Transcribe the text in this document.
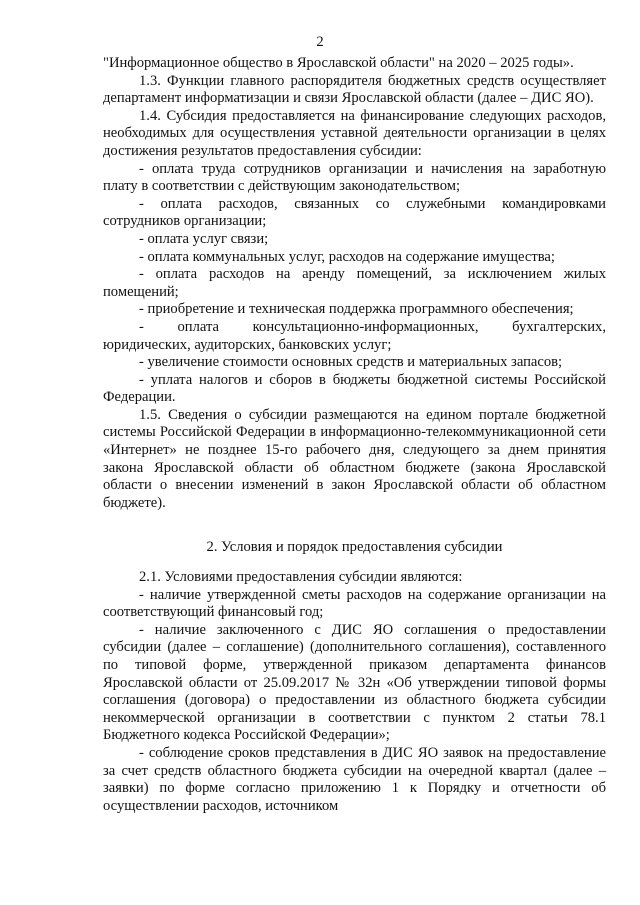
2

"Информационное общество в Ярославской области" на 2020 – 2025 годы».

1.3. Функции главного распорядителя бюджетных средств осуществляет департамент информатизации и связи Ярославской области (далее – ДИС ЯО).

1.4. Субсидия предоставляется на финансирование следующих расходов, необходимых для осуществления уставной деятельности организации в целях достижения результатов предоставления субсидии:

- оплата труда сотрудников организации и начисления на заработную плату в соответствии с действующим законодательством;

- оплата расходов, связанных со служебными командировками сотрудников организации;

- оплата услуг связи;

- оплата коммунальных услуг, расходов на содержание имущества;

- оплата расходов на аренду помещений, за исключением жилых помещений;

- приобретение и техническая поддержка программного обеспечения;

- оплата консультационно-информационных, бухгалтерских, юридических, аудиторских, банковских услуг;

- увеличение стоимости основных средств и материальных запасов;

- уплата налогов и сборов в бюджеты бюджетной системы Российской Федерации.

1.5. Сведения о субсидии размещаются на едином портале бюджетной системы Российской Федерации в информационно-телекоммуникационной сети «Интернет» не позднее 15-го рабочего дня, следующего за днем принятия закона Ярославской области об областном бюджете (закона Ярославской области о внесении изменений в закон Ярославской области об областном бюджете).

2. Условия и порядок предоставления субсидии

2.1. Условиями предоставления субсидии являются:

- наличие утвержденной сметы расходов на содержание организации на соответствующий финансовый год;

- наличие заключенного с ДИС ЯО соглашения о предоставлении субсидии (далее – соглашение) (дополнительного соглашения), составленного по типовой форме, утвержденной приказом департамента финансов Ярославской области от 25.09.2017 № 32н «Об утверждении типовой формы соглашения (договора) о предоставлении из областного бюджета субсидии некоммерческой организации в соответствии с пунктом 2 статьи 78.1 Бюджетного кодекса Российской Федерации»;

- соблюдение сроков представления в ДИС ЯО заявок на предоставление за счет средств областного бюджета субсидии на очередной квартал (далее – заявки) по форме согласно приложению 1 к Порядку и отчетности об осуществлении расходов, источником
